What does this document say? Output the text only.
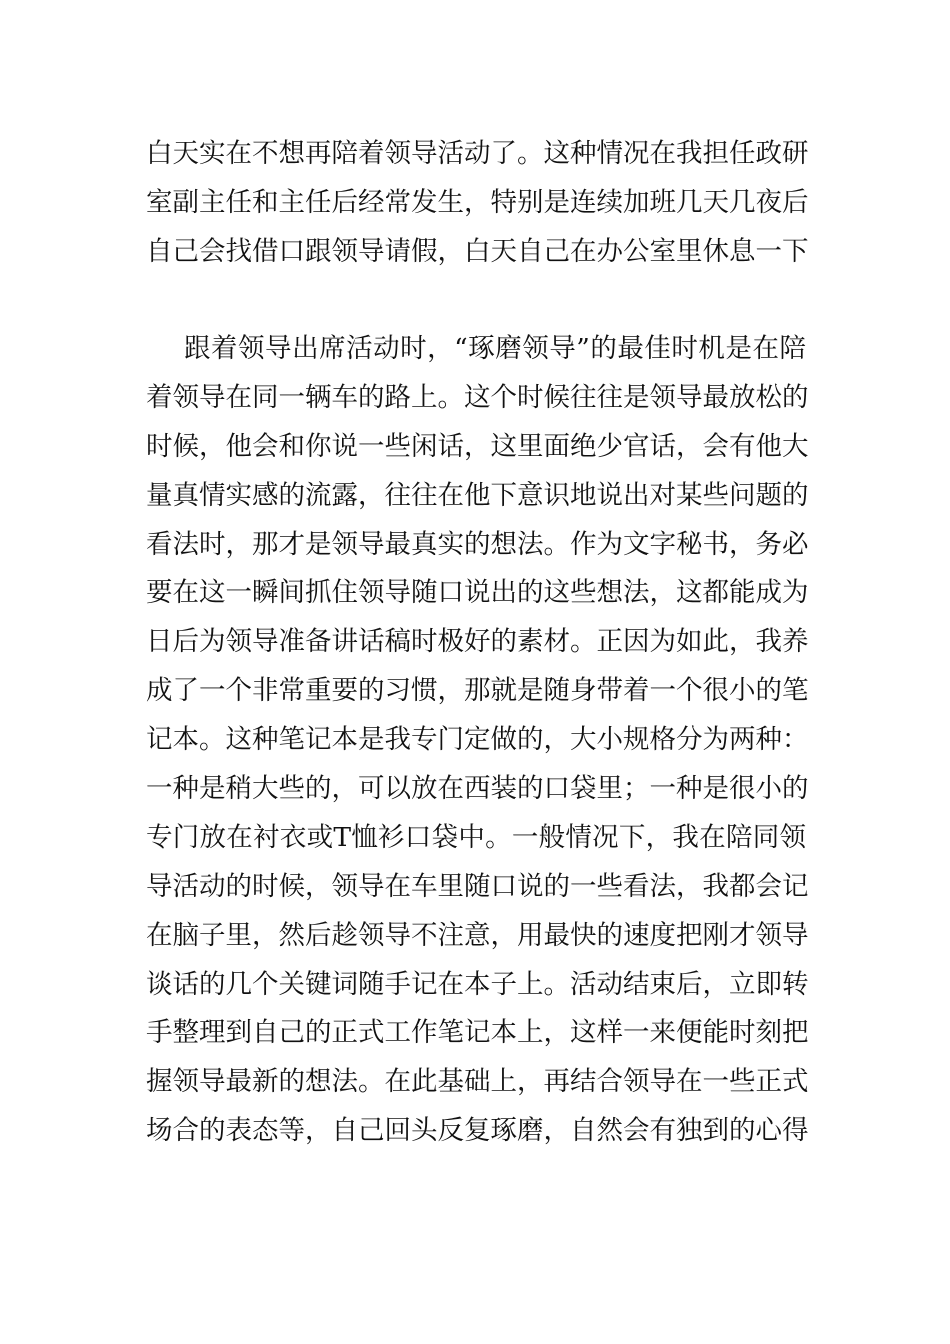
白天实在不想再陪着领导活动了。这种情况在我担任政研
室副主任和主任后经常发生，特别是连续加班几天几夜后
自己会找借口跟领导请假，白天自己在办公室里休息一下
跟着领导出席活动时，“琢磨领导”的最佳时机是在陪
着领导在同一辆车的路上。这个时候往往是领导最放松的
时候，他会和你说一些闲话，这里面绝少官话，会有他大
量真情实感的流露，往往在他下意识地说出对某些问题的
看法时，那才是领导最真实的想法。作为文字秘书，务必
要在这一瞬间抓住领导随口说出的这些想法，这都能成为
日后为领导准备讲话稿时极好的素材。正因为如此，我养
成了一个非常重要的习惯，那就是随身带着一个很小的笔
记本。这种笔记本是我专门定做的，大小规格分为两种：
一种是稍大些的，可以放在西装的口袋里；一种是很小的
专门放在衬衣或T恤衫口袋中。一般情况下，我在陪同领
导活动的时候，领导在车里随口说的一些看法，我都会记
在脑子里，然后趁领导不注意，用最快的速度把刚才领导
谈话的几个关键词随手记在本子上。活动结束后，立即转
手整理到自己的正式工作笔记本上，这样一来便能时刻把
握领导最新的想法。在此基础上，再结合领导在一些正式
场合的表态等，自己回头反复琢磨，自然会有独到的心得
